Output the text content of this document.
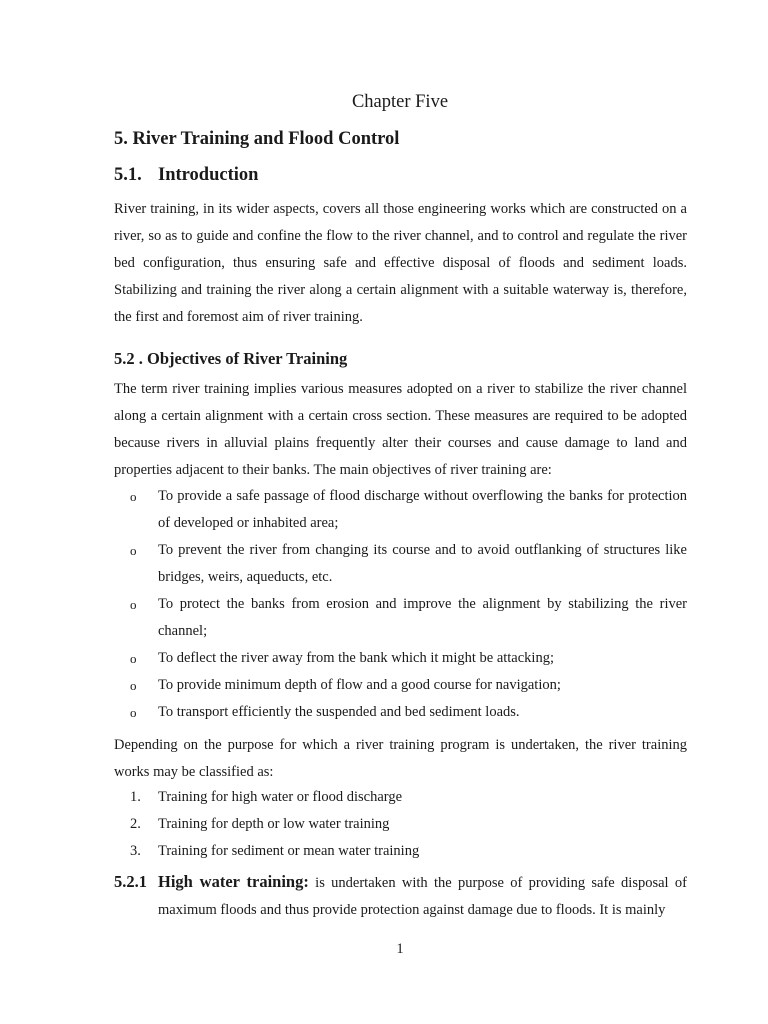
Chapter Five
5. River Training and Flood Control
5.1. Introduction

River training, in its wider aspects, covers all those engineering works which are constructed on a river, so as to guide and confine the flow to the river channel, and to control and regulate the river bed configuration, thus ensuring safe and effective disposal of floods and sediment loads. Stabilizing and training the river along a certain alignment with a suitable waterway is, therefore, the first and foremost aim of river training.

5.2 . Objectives of River Training

The term river training implies various measures adopted on a river to stabilize the river channel along a certain alignment with a certain cross section. These measures are required to be adopted because rivers in alluvial plains frequently alter their courses and cause damage to land and properties adjacent to their banks. The main objectives of river training are:

o To provide a safe passage of flood discharge without overflowing the banks for protection of developed or inhabited area;
o To prevent the river from changing its course and to avoid outflanking of structures like bridges, weirs, aqueducts, etc.
o To protect the banks from erosion and improve the alignment by stabilizing the river channel;
o To deflect the river away from the bank which it might be attacking;
o To provide minimum depth of flow and a good course for navigation;
o To transport efficiently the suspended and bed sediment loads.

Depending on the purpose for which a river training program is undertaken, the river training works may be classified as:

1. Training for high water or flood discharge
2. Training for depth or low water training
3. Training for sediment or mean water training
5.2.1 High water training: is undertaken with the purpose of providing safe disposal of maximum floods and thus provide protection against damage due to floods. It is mainly
1
